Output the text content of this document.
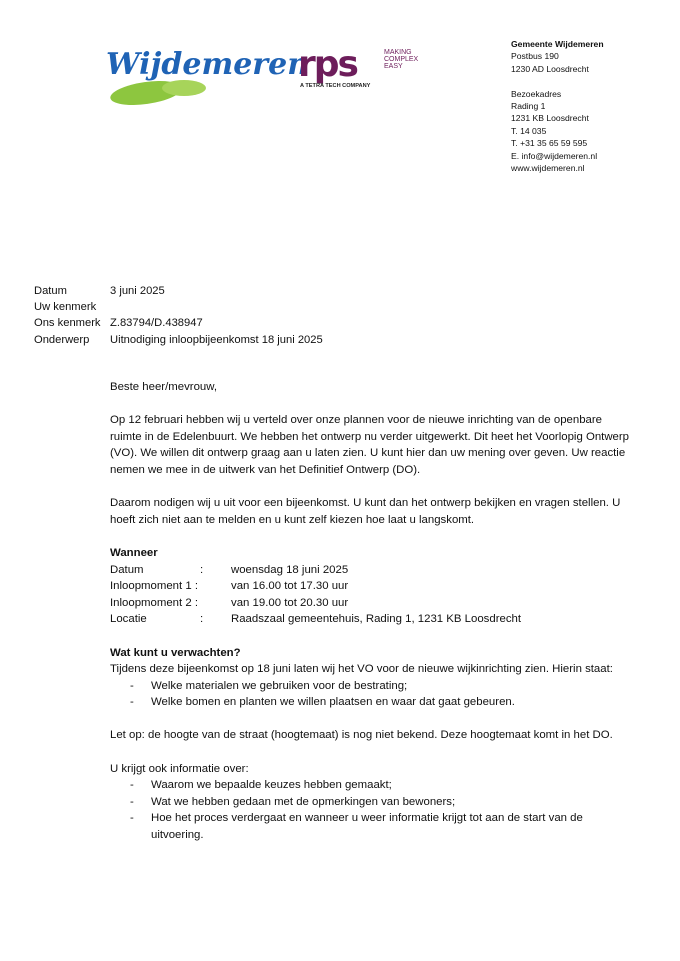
Wijdemeren
rps	MAKING
COMPLEX
EASY
A TETRA TECH COMPANY
Gemeente Wijdemeren
Postbus 190
1230 AD Loosdrecht
Bezoekadres
Rading 1
1231 KB Loosdrecht
T. 14 035
T. +31 35 65 59 595
E. info@wijdemeren.nl
www.wijdemeren.nl
Datum	3 juni 2025
Uw kenmerk
Ons kenmerk Z.83794/D.438947
Onderwerp	Uitnodiging inloopbijeenkomst 18 juni 2025

Beste heer/mevrouw,

Op 12 februari hebben wij u verteld over onze plannen voor de nieuwe inrichting van de openbare ruimte in de Edelenbuurt. We hebben het ontwerp nu verder uitgewerkt. Dit heet het Voorlopig Ontwerp (VO). We willen dit ontwerp graag aan u laten zien. U kunt hier dan uw mening over geven. Uw reactie nemen we mee in de uitwerk van het Definitief Ontwerp (DO).

Daarom nodigen wij u uit voor een bijeenkomst. U kunt dan het ontwerp bekijken en vragen stellen. U hoeft zich niet aan te melden en u kunt zelf kiezen hoe laat u langskomt.

Wanneer
Datum	:	woensdag 18 juni 2025
Inloopmoment 1 :	van 16.00 tot 17.30 uur
Inloopmoment 2 :	van 19.00 tot 20.30 uur
Locatie	:	Raadszaal gemeentehuis, Rading 1, 1231 KB Loosdrecht
Wat kunt u verwachten?
Tijdens deze bijeenkomst op 18 juni laten wij het VO voor de nieuwe wijkinrichting zien. Hierin staat:
- Welke materialen we gebruiken voor de bestrating;
- Welke bomen en planten we willen plaatsen en waar dat gaat gebeuren.

Let op: de hoogte van de straat (hoogtemaat) is nog niet bekend. Deze hoogtemaat komt in het DO.

U krijgt ook informatie over:
- Waarom we bepaalde keuzes hebben gemaakt;
- Wat we hebben gedaan met de opmerkingen van bewoners;
- Hoe het proces verdergaat en wanneer u weer informatie krijgt tot aan de start van de uitvoering.
